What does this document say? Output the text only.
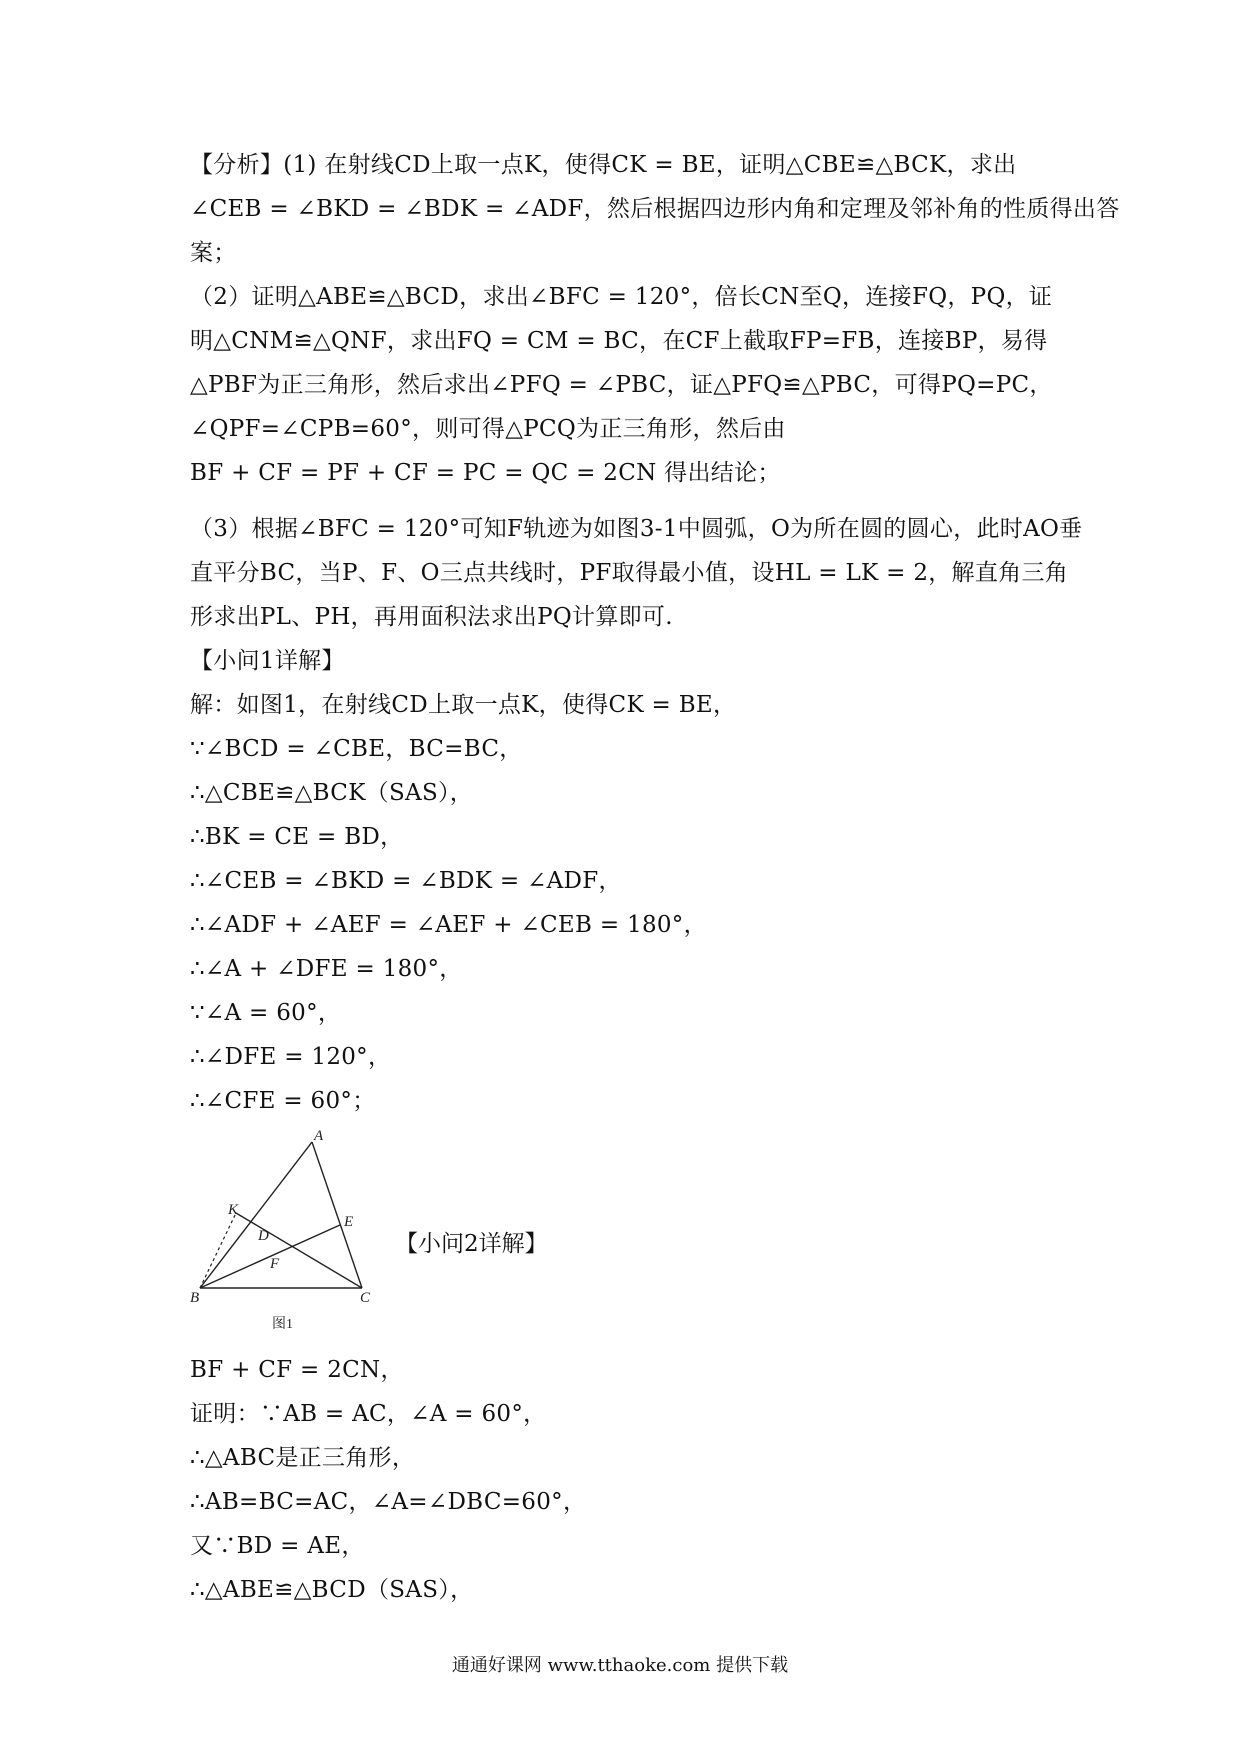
【分析】(1) 在射线CD上取一点K，使得CK = BE，证明△CBE≌△BCK，求出
∠CEB = ∠BKD = ∠BDK = ∠ADF，然后根据四边形内角和定理及邻补角的性质得出答
案；
（2）证明△ABE≌△BCD，求出∠BFC = 120°，倍长CN至Q，连接FQ，PQ，证
明△CNM≌△QNF，求出FQ = CM = BC，在CF上截取FP=FB，连接BP，易得
△PBF为正三角形，然后求出∠PFQ = ∠PBC，证△PFQ≌△PBC，可得PQ=PC，
∠QPF=∠CPB=60°，则可得△PCQ为正三角形，然后由
BF + CF = PF + CF = PC = QC = 2CN 得出结论；
（3）根据∠BFC = 120°可知F轨迹为如图3-1中圆弧，O为所在圆的圆心，此时AO垂
直平分BC，当P、F、O三点共线时，PF取得最小值，设HL = LK = 2，解直角三角
形求出PL、PH，再用面积法求出PQ计算即可.
【小问1详解】
解：如图1，在射线CD上取一点K，使得CK = BE，
∵∠BCD = ∠CBE，BC=BC，
∴△CBE≌△BCK（SAS），
∴BK = CE = BD，
∴∠CEB = ∠BKD = ∠BDK = ∠ADF，
∴∠ADF + ∠AEF = ∠AEF + ∠CEB = 180°，
∴∠A + ∠DFE = 180°，
∵∠A = 60°，
∴∠DFE = 120°，
∴∠CFE = 60°；
A
K
D
E
F
B	C
图1
【小问2详解】
BF + CF = 2CN，
证明：∵AB = AC，∠A = 60°，
∴△ABC是正三角形，
∴AB=BC=AC，∠A=∠DBC=60°，
又∵BD = AE，
∴△ABE≌△BCD（SAS），
通通好课网 www.tthaoke.com 提供下载
